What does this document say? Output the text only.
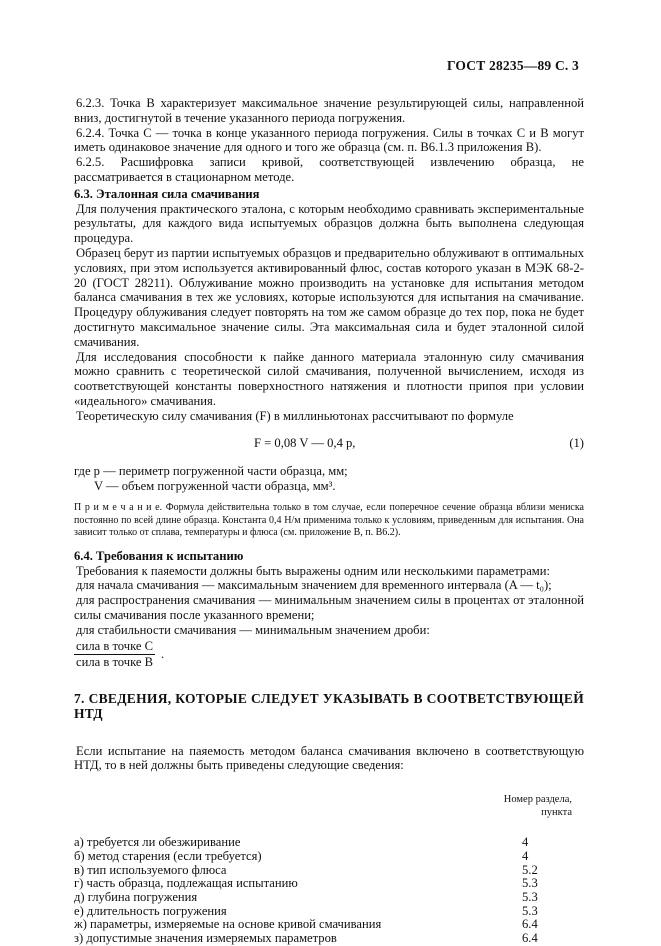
ГОСТ 28235—89 С. 3

6.2.3. Точка B характеризует максимальное значение результирующей силы, направленной вниз, достигнутой в течение указанного периода погружения.

6.2.4. Точка C — точка в конце указанного периода погружения. Силы в точках C и B могут иметь одинаковое значение для одного и того же образца (см. п. В6.1.3 приложения В).

6.2.5. Расшифровка записи кривой, соответствующей извлечению образца, не рассматривается в стационарном методе.

6.3. Эталонная сила смачивания

Для получения практического эталона, с которым необходимо сравнивать экспериментальные результаты, для каждого вида испытуемых образцов должна быть выполнена следующая процедура.

Образец берут из партии испытуемых образцов и предварительно облуживают в оптимальных условиях, при этом используется активированный флюс, состав которого указан в МЭК 68-2-20 (ГОСТ 28211). Облуживание можно производить на установке для испытания методом баланса смачивания в тех же условиях, которые используются для испытания на смачивание. Процедуру облуживания следует повторять на том же самом образце до тех пор, пока не будет достигнуто максимальное значение силы. Эта максимальная сила и будет эталонной силой смачивания.

Для исследования способности к пайке данного материала эталонную силу смачивания можно сравнить с теоретической силой смачивания, полученной вычислением, исходя из соответствующей константы поверхностного натяжения и плотности припоя при условии «идеального» смачивания.

Теоретическую силу смачивания (F) в миллиньютонах рассчитывают по формуле

F = 0,08 V — 0,4 p,	(1)

где p — периметр погруженной части образца, мм;

V — объем погруженной части образца, мм³.

П р и м е ч а н и е. Формула действительна только в том случае, если поперечное сечение образца вблизи мениска постоянно по всей длине образца. Константа 0,4 Н/м применима только к условиям, приведенным для испытания. Она зависит только от сплава, температуры и флюса (см. приложение В, п. В6.2).

6.4. Требования к испытанию

Требования к паяемости должны быть выражены одним или несколькими параметрами:

для начала смачивания — максимальным значением для временного интервала (A — t₀);

для распространения смачивания — минимальным значением силы в процентах от эталонной силы смачивания после указанного времени;

для стабильности смачивания — минимальным значением дроби:

$\frac{\text{сила в точке C}}{\text{сила в точке B}}$ .

7. СВЕДЕНИЯ, КОТОРЫЕ СЛЕДУЕТ УКАЗЫВАТЬ В СООТВЕТСТВУЮЩЕЙ НТД

Если испытание на паяемость методом баланса смачивания включено в соответствующую НТД, то в ней должны быть приведены следующие сведения:

Номер раздела,
пункта
а) требуется ли обезжиривание	4
б) метод старения (если требуется)	4
в) тип используемого флюса	5.2
г) часть образца, подлежащая испытанию	5.3
д) глубина погружения	5.3
е) длительность погружения	5.3
ж) параметры, измеряемые на основе кривой смачивания	6.4
з) допустимые значения измеряемых параметров	6.4
